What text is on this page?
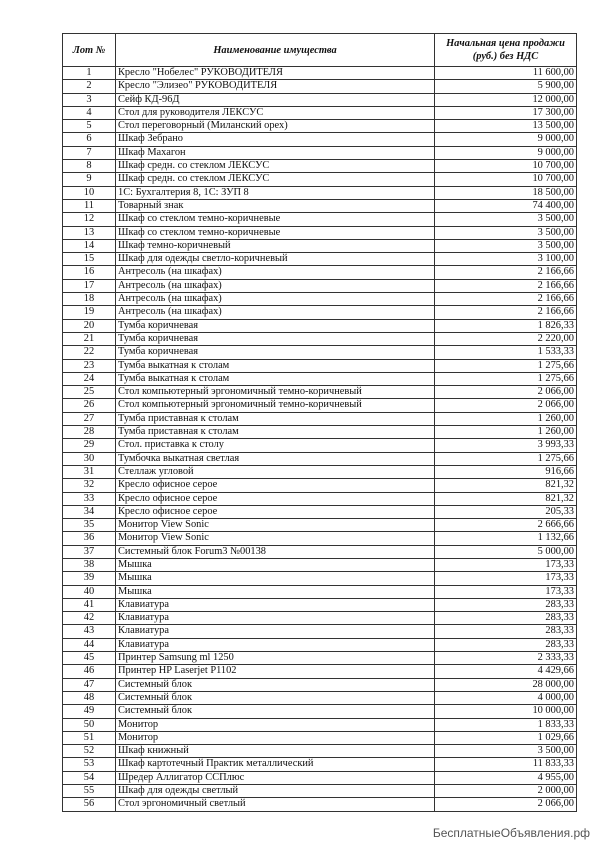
Лот №	Наименование имущества	Начальная цена продажи (руб.) без НДС
1	Кресло "Нобелес" РУКОВОДИТЕЛЯ	11 600,00
2	Кресло "Элизео" РУКОВОДИТЕЛЯ	5 900,00
3	Сейф КД-96Д	12 000,00
4	Стол для руководителя ЛЕКСУС	17 300,00
5	Стол переговорный (Миланский орех)	13 500,00
6	Шкаф Зебрано	9 000,00
7	Шкаф Махагон	9 000,00
8	Шкаф средн. со стеклом ЛЕКСУС	10 700,00
9	Шкаф средн. со стеклом ЛЕКСУС	10 700,00
10	1С: Бухгалтерия 8, 1С: ЗУП 8	18 500,00
11	Товарный знак	74 400,00
12	Шкаф со стеклом темно-коричневые	3 500,00
13	Шкаф со стеклом темно-коричневые	3 500,00
14	Шкаф темно-коричневый	3 500,00
15	Шкаф для одежды светло-коричневый	3 100,00
16	Антресоль (на шкафах)	2 166,66
17	Антресоль (на шкафах)	2 166,66
18	Антресоль (на шкафах)	2 166,66
19	Антресоль (на шкафах)	2 166,66
20	Тумба коричневая	1 826,33
21	Тумба коричневая	2 220,00
22	Тумба коричневая	1 533,33
23	Тумба выкатная к столам	1 275,66
24	Тумба выкатная к столам	1 275,66
25	Стол компьютерный эргономичный темно-коричневый	2 066,00
26	Стол компьютерный эргономичный темно-коричневый	2 066,00
27	Тумба приставная к столам	1 260,00
28	Тумба приставная к столам	1 260,00
29	Стол. приставка к столу	3 993,33
30	Тумбочка выкатная светлая	1 275,66
31	Стеллаж угловой	916,66
32	Кресло офисное серое	821,32
33	Кресло офисное серое	821,32
34	Кресло офисное серое	205,33
35	Монитор View Sonic	2 666,66
36	Монитор View Sonic	1 132,66
37	Системный блок Forum3 №00138	5 000,00
38	Мышка	173,33
39	Мышка	173,33
40	Мышка	173,33
41	Клавиатура	283,33
42	Клавиатура	283,33
43	Клавиатура	283,33
44	Клавиатура	283,33
45	Принтер Samsung ml 1250	2 333,33
46	Принтер HP Laserjet P1102	4 429,66
47	Системный блок	28 000,00
48	Системный блок	4 000,00
49	Системный блок	10 000,00
50	Монитор	1 833,33
51	Монитор	1 029,66
52	Шкаф книжный	3 500,00
53	Шкаф картотечный Практик металлический	11 833,33
54	Шредер Аллигатор ССПлюс	4 955,00
55	Шкаф для одежды светлый	2 000,00
56	Стол эргономичный светлый	2 066,00
БесплатныеОбъявления.рф
